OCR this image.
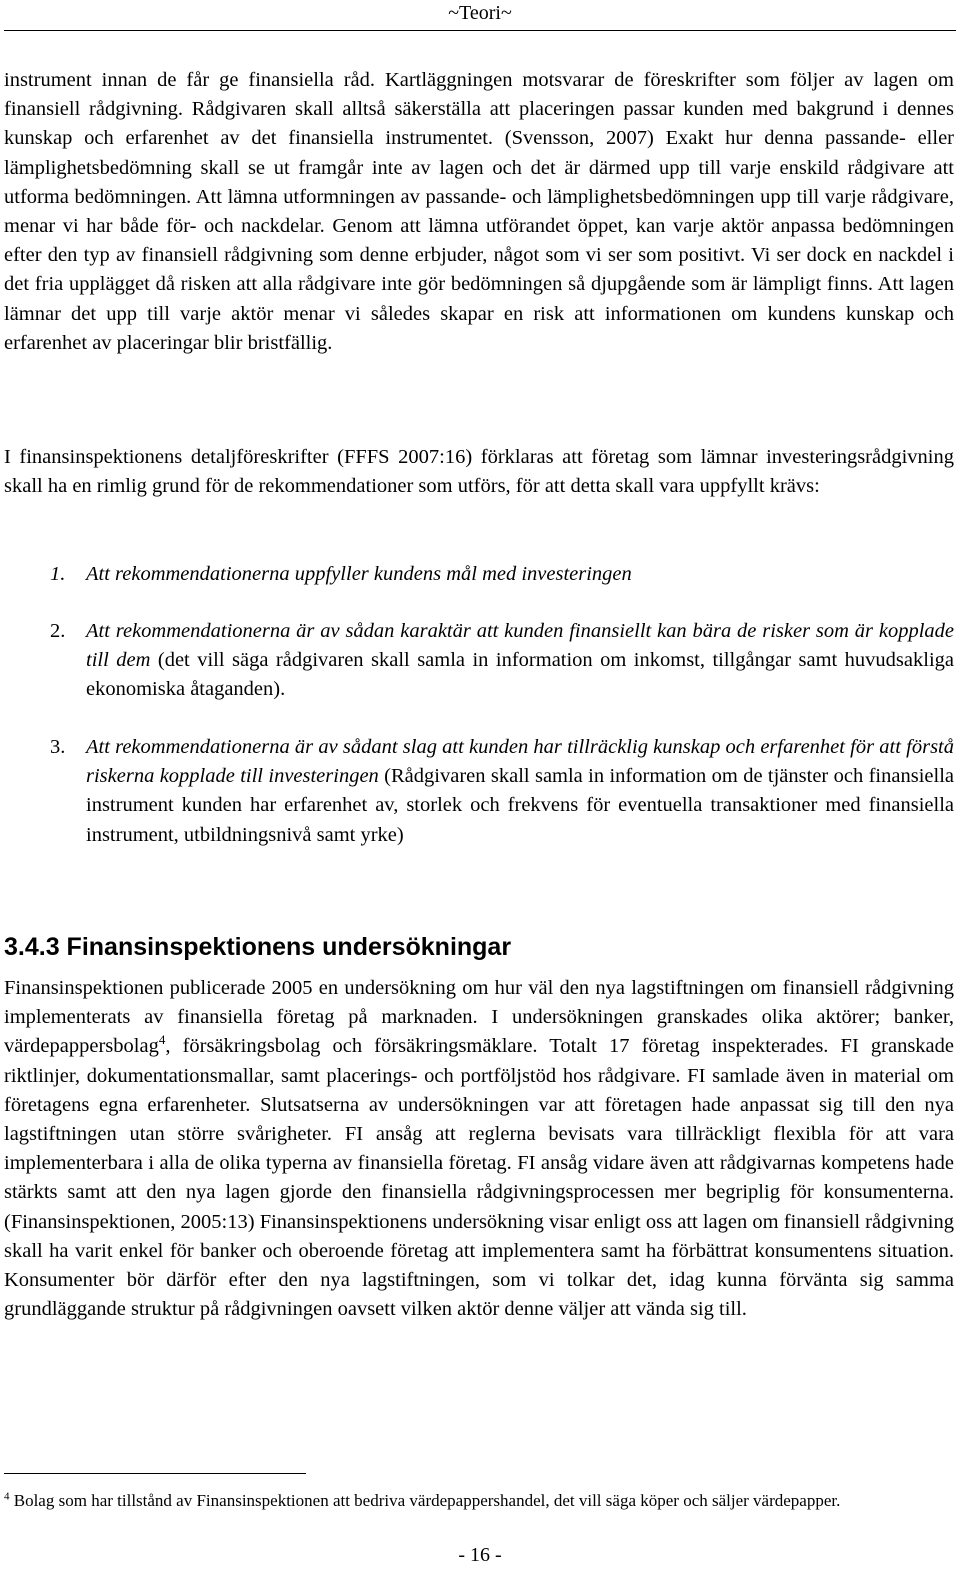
~Teori~

instrument innan de får ge finansiella råd. Kartläggningen motsvarar de föreskrifter som följer av lagen om finansiell rådgivning. Rådgivaren skall alltså säkerställa att placeringen passar kunden med bakgrund i dennes kunskap och erfarenhet av det finansiella instrumentet. (Svensson, 2007) Exakt hur denna passande- eller lämplighetsbedömning skall se ut framgår inte av lagen och det är därmed upp till varje enskild rådgivare att utforma bedömningen. Att lämna utformningen av passande- och lämplighetsbedömningen upp till varje rådgivare, menar vi har både för- och nackdelar. Genom att lämna utförandet öppet, kan varje aktör anpassa bedömningen efter den typ av finansiell rådgivning som denne erbjuder, något som vi ser som positivt. Vi ser dock en nackdel i det fria upplägget då risken att alla rådgivare inte gör bedömningen så djupgående som är lämpligt finns. Att lagen lämnar det upp till varje aktör menar vi således skapar en risk att informationen om kundens kunskap och erfarenhet av placeringar blir bristfällig.

I finansinspektionens detaljföreskrifter (FFFS 2007:16) förklaras att företag som lämnar investeringsrådgivning skall ha en rimlig grund för de rekommendationer som utförs, för att detta skall vara uppfyllt krävs:

1.	Att rekommendationerna uppfyller kundens mål med investeringen
2.	Att rekommendationerna är av sådan karaktär att kunden finansiellt kan bära de risker som är kopplade till dem (det vill säga rådgivaren skall samla in information om inkomst, tillgångar samt huvudsakliga ekonomiska åtaganden).
3.	Att rekommendationerna är av sådant slag att kunden har tillräcklig kunskap och erfarenhet för att förstå riskerna kopplade till investeringen (Rådgivaren skall samla in information om de tjänster och finansiella instrument kunden har erfarenhet av, storlek och frekvens för eventuella transaktioner med finansiella instrument, utbildningsnivå samt yrke)
3.4.3 Finansinspektionens undersökningar

Finansinspektionen publicerade 2005 en undersökning om hur väl den nya lagstiftningen om finansiell rådgivning implementerats av finansiella företag på marknaden. I undersökningen granskades olika aktörer; banker, värdepappersbolag$^4$, försäkringsbolag och försäkringsmäklare. Totalt 17 företag inspekterades. FI granskade riktlinjer, dokumentationsmallar, samt placerings- och portföljstöd hos rådgivare. FI samlade även in material om företagens egna erfarenheter. Slutsatserna av undersökningen var att företagen hade anpassat sig till den nya lagstiftningen utan större svårigheter. FI ansåg att reglerna bevisats vara tillräckligt flexibla för att vara implementerbara i alla de olika typerna av finansiella företag. FI ansåg vidare även att rådgivarnas kompetens hade stärkts samt att den nya lagen gjorde den finansiella rådgivningsprocessen mer begriplig för konsumenterna. (Finansinspektionen, 2005:13) Finansinspektionens undersökning visar enligt oss att lagen om finansiell rådgivning skall ha varit enkel för banker och oberoende företag att implementera samt ha förbättrat konsumentens situation. Konsumenter bör därför efter den nya lagstiftningen, som vi tolkar det, idag kunna förvänta sig samma grundläggande struktur på rådgivningen oavsett vilken aktör denne väljer att vända sig till.

$^4$ Bolag som har tillstånd av Finansinspektionen att bedriva värdepappershandel, det vill säga köper och säljer värdepapper.
- 16 -
